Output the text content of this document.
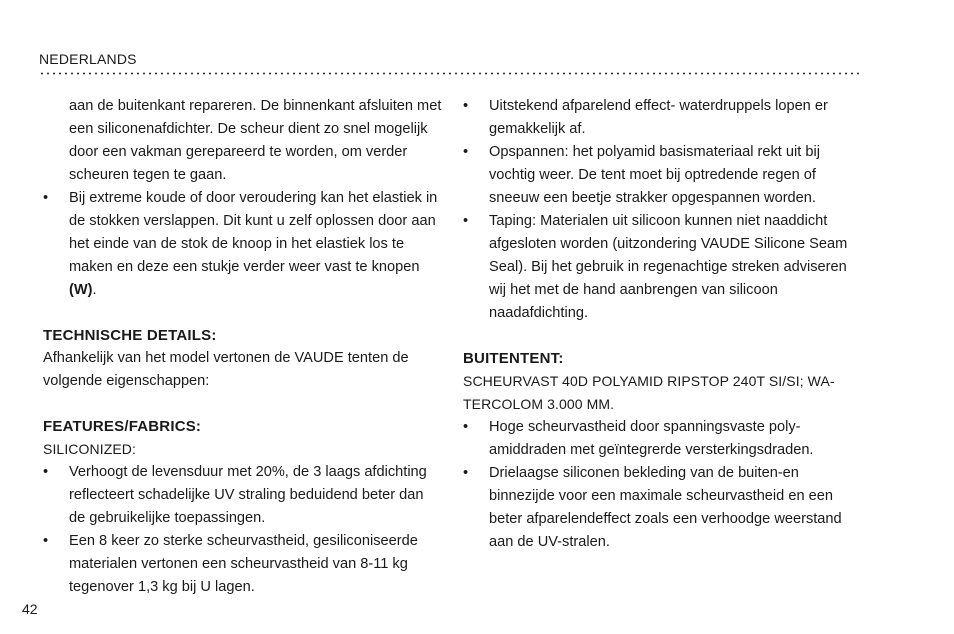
NEDERLANDS

aan de buitenkant repareren. De binnenkant afsluiten met een siliconenafdichter. De scheur dient zo snel mogelijk door een vakman gerepareerd te worden, om verder scheuren tegen te gaan.

•	Bij extreme koude of door veroudering kan het elastiek in de stokken verslappen. Dit kunt u zelf oplossen door aan het einde van de stok de knoop in het elastiek los te maken en deze een stukje verder weer vast te knopen (W).

TECHNISCHE DETAILS:

Afhankelijk van het model vertonen de VAUDE tenten de volgende eigenschappen:

FEATURES/FABRICS:

SILICONIZED:

•	Verhoogt de levensduur met 20%, de 3 laags afdichting reflecteert schadelijke UV straling beduidend beter dan de gebruikelijke toepassingen.

•	Een 8 keer zo sterke scheurvastheid, gesiliconiseerde materialen vertonen een scheurvastheid van 8-11 kg tegenover 1,3 kg bij U lagen.

•	Uitstekend afparelend effect- waterdruppels lopen er gemakkelijk af.

•	Opspannen: het polyamid basismateriaal rekt uit bij vochtig weer. De tent moet bij optredende regen of sneeuw een beetje strakker opgespannen worden.

•	Taping: Materialen uit silicoon kunnen niet naaddicht afgesloten worden (uitzondering VAUDE Silicone Seam Seal). Bij het gebruik in regenachtige streken adviseren wij het met de hand aanbrengen van silicoon naadafdichting.

BUITENTENT:

SCHEURVAST 40D POLYAMID RIPSTOP 240T SI/SI; WATERCOLOM 3.000 MM.

•	Hoge scheurvastheid door spanningsvaste polyamiddraden met geïntegrerde versterkingsdraden.

•	Drielaagse siliconen bekleding van de buiten-en binnezijde voor een maximale scheurvastheid en een beter afparelendeffect zoals een verhoodge weerstand aan de UV-stralen.

42
